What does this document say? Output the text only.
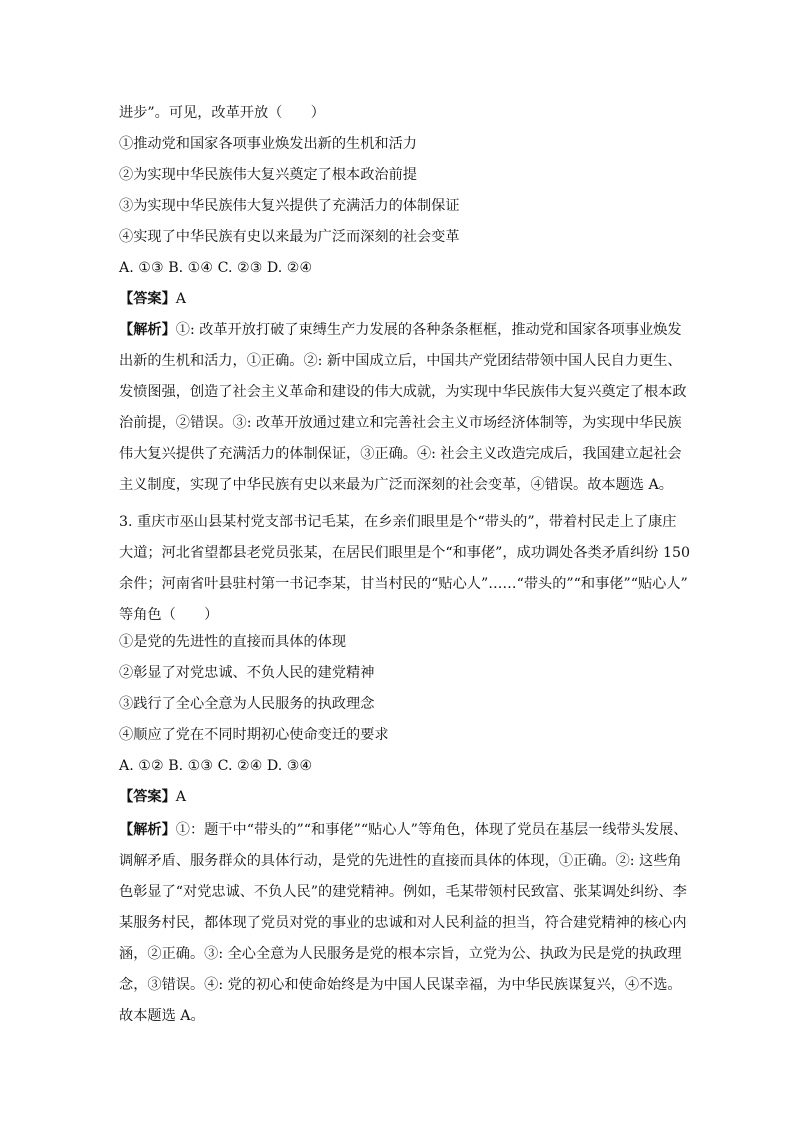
进步”。可见，改革开放（　　）
①推动党和国家各项事业焕发出新的生机和活力
②为实现中华民族伟大复兴奠定了根本政治前提
③为实现中华民族伟大复兴提供了充满活力的体制保证
④实现了中华民族有史以来最为广泛而深刻的社会变革
A. ①③ B. ①④ C. ②③ D. ②④
【答案】A
【解析】①: 改革开放打破了束缚生产力发展的各种条条框框，推动党和国家各项事业焕发
出新的生机和活力，①正确。②: 新中国成立后，中国共产党团结带领中国人民自力更生、
发愤图强，创造了社会主义革命和建设的伟大成就，为实现中华民族伟大复兴奠定了根本政
治前提，②错误。③: 改革开放通过建立和完善社会主义市场经济体制等，为实现中华民族
伟大复兴提供了充满活力的体制保证，③正确。④: 社会主义改造完成后，我国建立起社会
主义制度，实现了中华民族有史以来最为广泛而深刻的社会变革，④错误。故本题选 A。
3. 重庆市巫山县某村党支部书记毛某，在乡亲们眼里是个“带头的”，带着村民走上了康庄
大道；河北省望都县老党员张某，在居民们眼里是个“和事佬”，成功调处各类矛盾纠纷 150
余件；河南省叶县驻村第一书记李某，甘当村民的“贴心人”……“带头的”“和事佬”“贴心人”
等角色（　　）
①是党的先进性的直接而具体的体现
②彰显了对党忠诚、不负人民的建党精神
③践行了全心全意为人民服务的执政理念
④顺应了党在不同时期初心使命变迁的要求
A. ①② B. ①③ C. ②④ D. ③④
【答案】A
【解析】①：题干中“带头的”“和事佬”“贴心人”等角色，体现了党员在基层一线带头发展、
调解矛盾、服务群众的具体行动，是党的先进性的直接而具体的体现，①正确。②: 这些角
色彰显了“对党忠诚、不负人民”的建党精神。例如，毛某带领村民致富、张某调处纠纷、李
某服务村民，都体现了党员对党的事业的忠诚和对人民利益的担当，符合建党精神的核心内
涵，②正确。③: 全心全意为人民服务是党的根本宗旨，立党为公、执政为民是党的执政理
念，③错误。④: 党的初心和使命始终是为中国人民谋幸福，为中华民族谋复兴，④不选。
故本题选 A。
